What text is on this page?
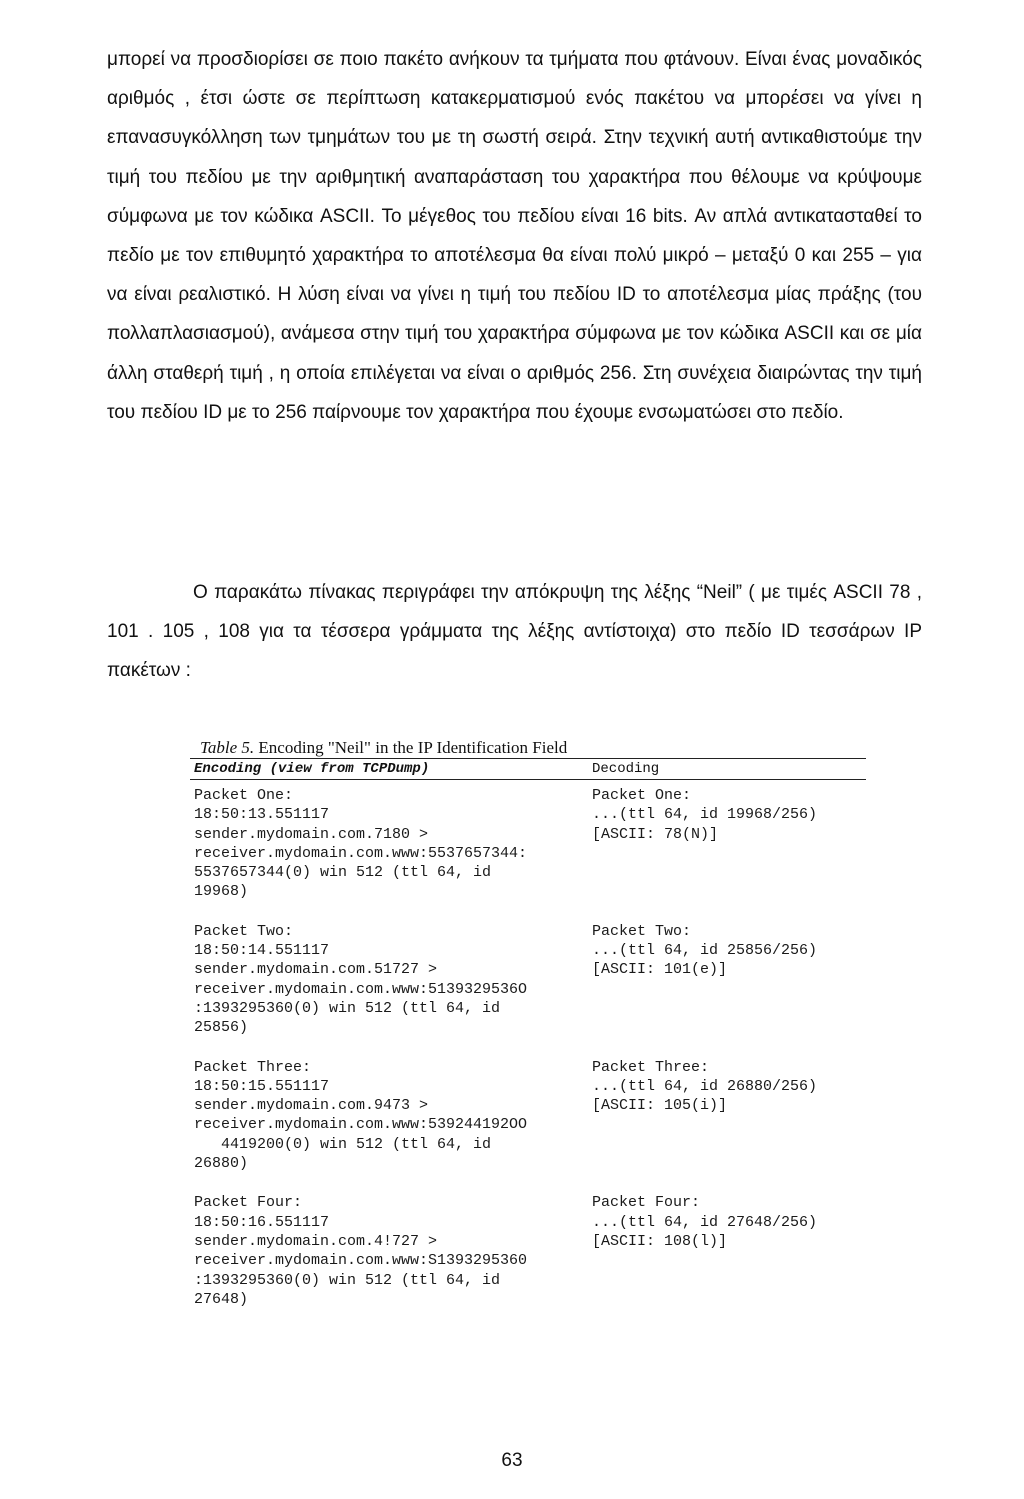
μπορεί να προσδιορίσει σε ποιο πακέτο ανήκουν τα τμήματα που φτάνουν. Είναι ένας μοναδικός αριθμός , έτσι ώστε σε περίπτωση κατακερματισμού ενός πακέτου να μπορέσει να γίνει η επανασυγκόλληση των τμημάτων του με τη σωστή σειρά. Στην τεχνική αυτή αντικαθιστούμε την τιμή του πεδίου με την αριθμητική αναπαράσταση του χαρακτήρα που θέλουμε να κρύψουμε σύμφωνα με τον κώδικα ASCII. Το μέγεθος του πεδίου είναι 16 bits. Αν απλά αντικατασταθεί το πεδίο με τον επιθυμητό χαρακτήρα το αποτέλεσμα θα είναι πολύ μικρό – μεταξύ 0 και 255 – για να είναι ρεαλιστικό. Η λύση είναι να γίνει η τιμή του πεδίου ID το αποτέλεσμα μίας πράξης (του πολλαπλασιασμού), ανάμεσα στην τιμή του χαρακτήρα σύμφωνα με τον κώδικα ASCII και σε μία άλλη σταθερή τιμή , η οποία επιλέγεται να είναι ο αριθμός 256. Στη συνέχεια διαιρώντας την τιμή του πεδίου ID με το 256 παίρνουμε τον χαρακτήρα που έχουμε ενσωματώσει στο πεδίο.

Ο παρακάτω πίνακας περιγράφει την απόκρυψη της λέξης “Neil” ( με τιμές ASCII 78 , 101 . 105 , 108 για τα τέσσερα γράμματα της λέξης αντίστοιχα) στο πεδίο ID τεσσάρων IP πακέτων :

Table 5. Encoding "Neil" in the IP Identification Field

Encoding (view from TCPDump)	Decoding
Packet One:
18:50:13.551117
sender.mydomain.com.7180 >
receiver.mydomain.com.www:5537657344:
5537657344(0) win 512 (ttl 64, id
19968)
Packet One:
...(ttl 64, id 19968/256)
[ASCII: 78(N)]
Packet Two:
18:50:14.551117
sender.mydomain.com.51727 >
receiver.mydomain.com.www:5139329536O
:1393295360(0) win 512 (ttl 64, id
25856)
Packet Two:
...(ttl 64, id 25856/256)
[ASCII: 101(e)]
Packet Three:
18:50:15.551117
sender.mydomain.com.9473 >
receiver.mydomain.com.www:539244192OO
4419200(0) win 512 (ttl 64, id
26880)
Packet Three:
...(ttl 64, id 26880/256)
[ASCII: 105(i)]
Packet Four:
18:50:16.551117
sender.mydomain.com.4!727 >
receiver.mydomain.com.www:S1393295360
:1393295360(0) win 512 (ttl 64, id
27648)
Packet Four:
...(ttl 64, id 27648/256)
[ASCII: 108(l)]
63
